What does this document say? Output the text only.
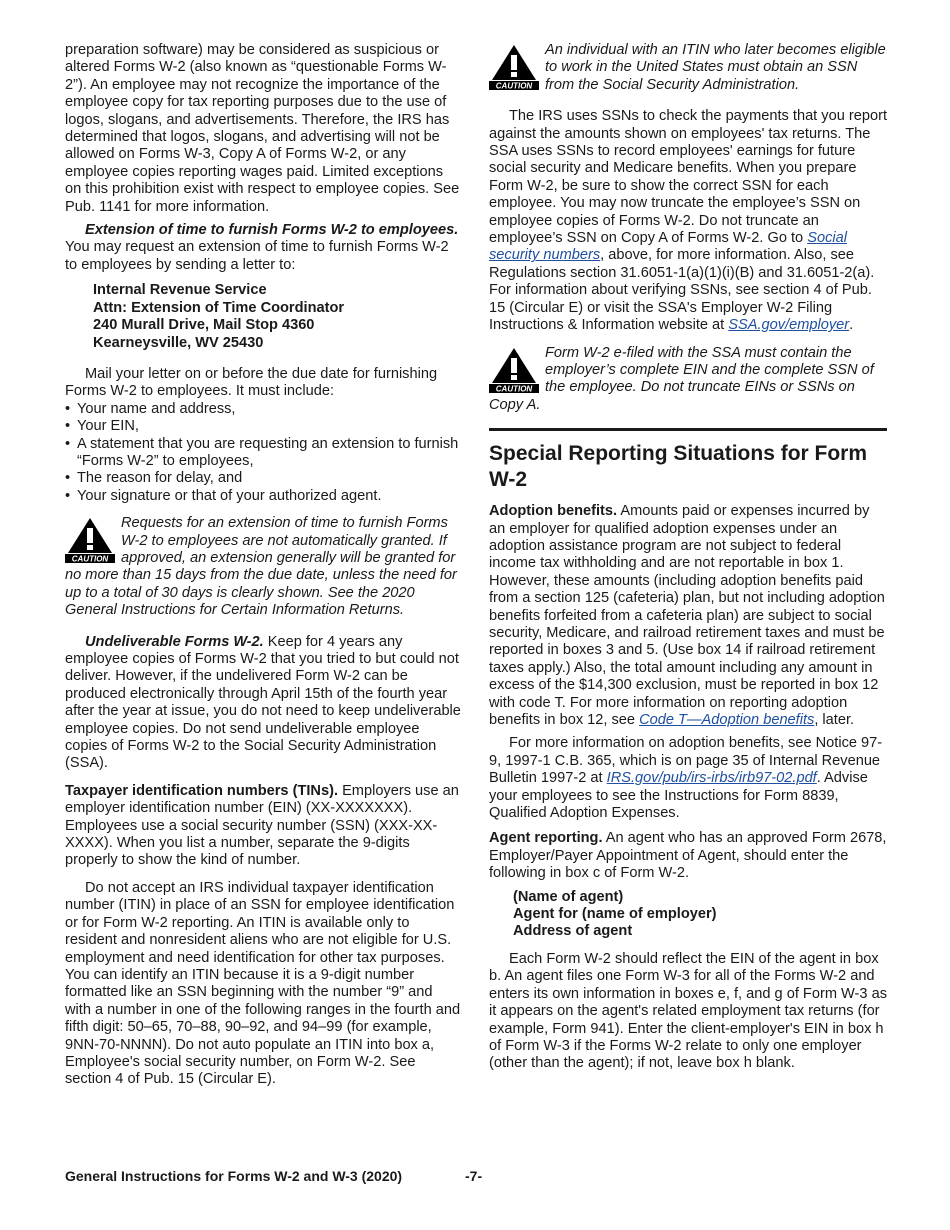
preparation software) may be considered as suspicious or altered Forms W-2 (also known as “questionable Forms W-2”). An employee may not recognize the importance of the employee copy for tax reporting purposes due to the use of logos, slogans, and advertisements. Therefore, the IRS has determined that logos, slogans, and advertising will not be allowed on Forms W-3, Copy A of Forms W-2, or any employee copies reporting wages paid. Limited exceptions on this prohibition exist with respect to employee copies. See Pub. 1141 for more information.

Extension of time to furnish Forms W-2 to employees. You may request an extension of time to furnish Forms W-2 to employees by sending a letter to:

Internal Revenue Service
Attn: Extension of Time Coordinator
240 Murall Drive, Mail Stop 4360
Kearneysville, WV 25430

Mail your letter on or before the due date for furnishing Forms W-2 to employees. It must include:

• Your name and address,
• Your EIN,
• A statement that you are requesting an extension to furnish “Forms W-2” to employees,
• The reason for delay, and
• Your signature or that of your authorized agent.
CAUTION
Requests for an extension of time to furnish Forms W-2 to employees are not automatically granted. If approved, an extension generally will be granted for no more than 15 days from the due date, unless the need for up to a total of 30 days is clearly shown. See the 2020 General Instructions for Certain Information Returns.

Undeliverable Forms W-2. Keep for 4 years any employee copies of Forms W-2 that you tried to but could not deliver. However, if the undelivered Form W-2 can be produced electronically through April 15th of the fourth year after the year at issue, you do not need to keep undeliverable employee copies. Do not send undeliverable employee copies of Forms W-2 to the Social Security Administration (SSA).

Taxpayer identification numbers (TINs). Employers use an employer identification number (EIN) (XX-XXXXXXX). Employees use a social security number (SSN) (XXX-XX-XXXX). When you list a number, separate the 9-digits properly to show the kind of number.

Do not accept an IRS individual taxpayer identification number (ITIN) in place of an SSN for employee identification or for Form W-2 reporting. An ITIN is available only to resident and nonresident aliens who are not eligible for U.S. employment and need identification for other tax purposes. You can identify an ITIN because it is a 9-digit number formatted like an SSN beginning with the number “9” and with a number in one of the following ranges in the fourth and fifth digit: 50–65, 70–88, 90–92, and 94–99 (for example, 9NN-70-NNNN). Do not auto populate an ITIN into box a, Employee's social security number, on Form W-2. See section 4 of Pub. 15 (Circular E).

CAUTION
An individual with an ITIN who later becomes eligible to work in the United States must obtain an SSN from the Social Security Administration.

The IRS uses SSNs to check the payments that you report against the amounts shown on employees' tax returns. The SSA uses SSNs to record employees' earnings for future social security and Medicare benefits. When you prepare Form W-2, be sure to show the correct SSN for each employee. You may now truncate the employee’s SSN on employee copies of Forms W-2. Do not truncate an employee’s SSN on Copy A of Forms W-2. Go to Social security numbers, above, for more information. Also, see Regulations section 31.6051-1(a)(1)(i)(B) and 31.6051-2(a). For information about verifying SSNs, see section 4 of Pub. 15 (Circular E) or visit the SSA's Employer W-2 Filing Instructions & Information website at SSA.gov/employer.

CAUTION
Form W-2 e-filed with the SSA must contain the employer’s complete EIN and the complete SSN of the employee. Do not truncate EINs or SSNs on Copy A.
Special Reporting Situations for Form W-2

Adoption benefits. Amounts paid or expenses incurred by an employer for qualified adoption expenses under an adoption assistance program are not subject to federal income tax withholding and are not reportable in box 1. However, these amounts (including adoption benefits paid from a section 125 (cafeteria) plan, but not including adoption benefits forfeited from a cafeteria plan) are subject to social security, Medicare, and railroad retirement taxes and must be reported in boxes 3 and 5. (Use box 14 if railroad retirement taxes apply.) Also, the total amount including any amount in excess of the $14,300 exclusion, must be reported in box 12 with code T. For more information on reporting adoption benefits in box 12, see Code T—Adoption benefits, later.

For more information on adoption benefits, see Notice 97-9, 1997-1 C.B. 365, which is on page 35 of Internal Revenue Bulletin 1997-2 at IRS.gov/pub/irs-irbs/irb97-02.pdf. Advise your employees to see the Instructions for Form 8839, Qualified Adoption Expenses.

Agent reporting. An agent who has an approved Form 2678, Employer/Payer Appointment of Agent, should enter the following in box c of Form W-2.

(Name of agent)
Agent for (name of employer)
Address of agent

Each Form W-2 should reflect the EIN of the agent in box b. An agent files one Form W-3 for all of the Forms W-2 and enters its own information in boxes e, f, and g of Form W-3 as it appears on the agent's related employment tax returns (for example, Form 941). Enter the client-employer's EIN in box h of Form W-3 if the Forms W-2 relate to only one employer (other than the agent); if not, leave box h blank.

General Instructions for Forms W-2 and W-3 (2020)	-7-
